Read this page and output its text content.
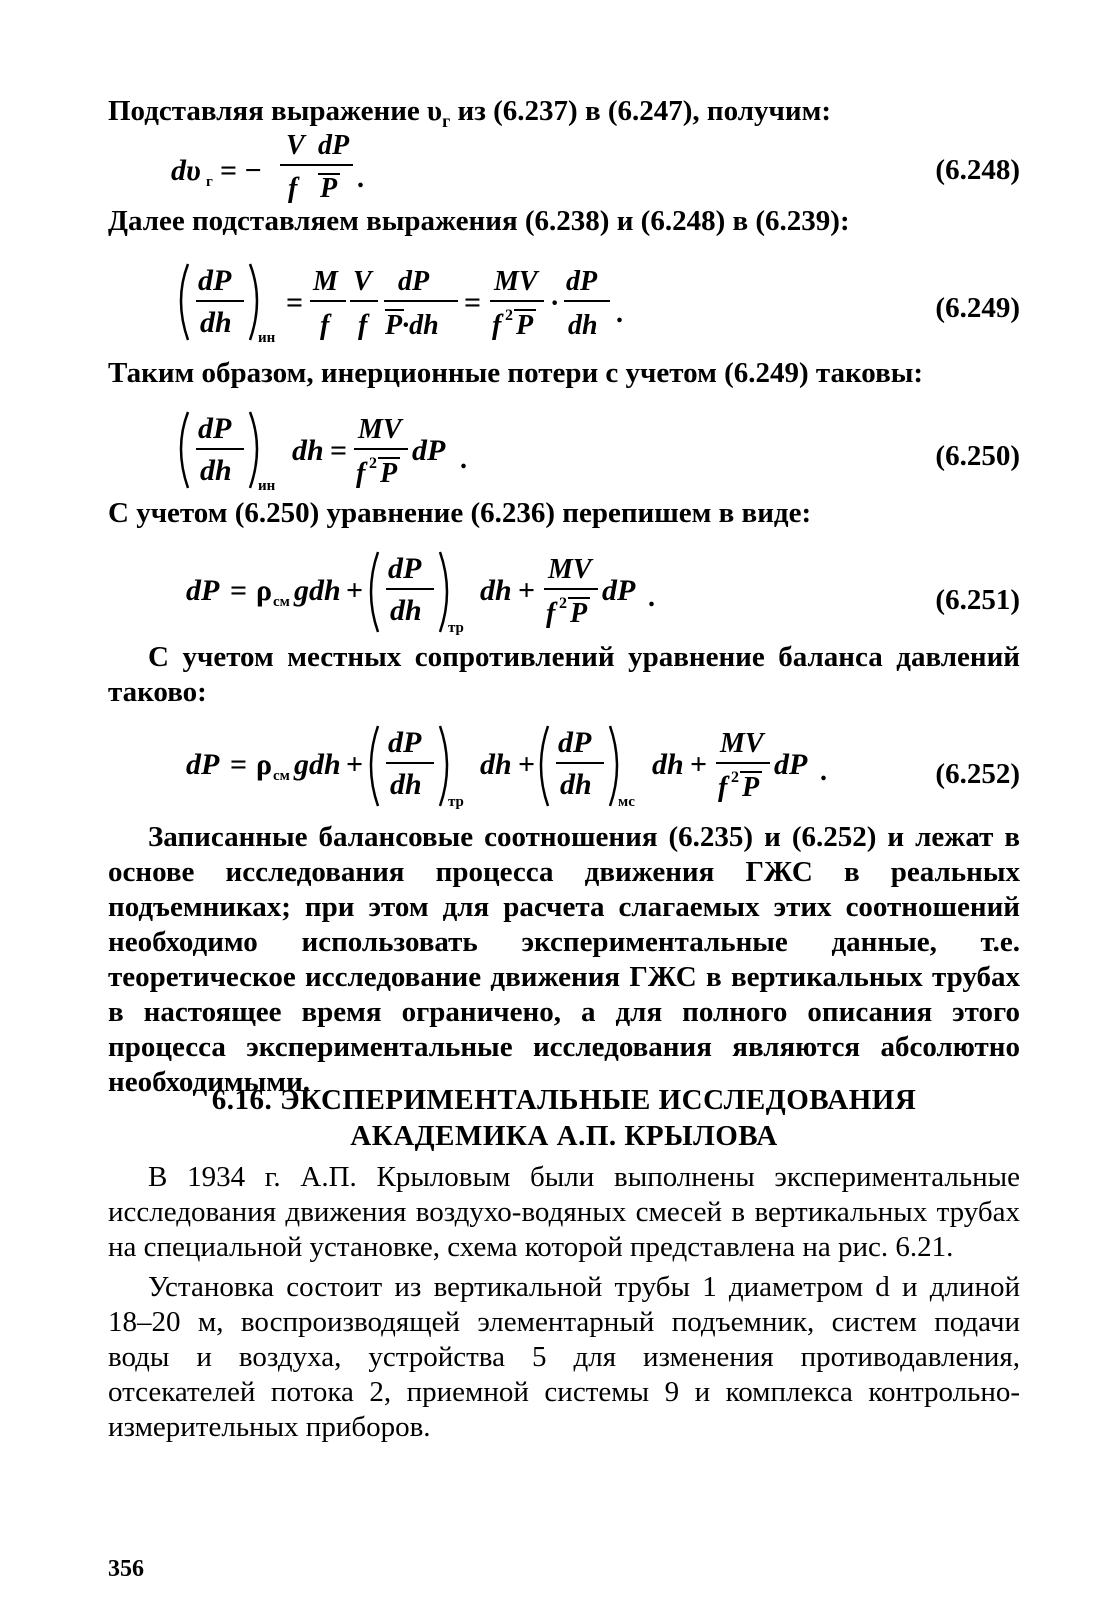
Подставляя выражение $\upsilon_г$ из (6.237) в (6.247), получим:
dυ г = −
V dP
f P .	(6.248)
Далее подставляем выражения (6.238) и (6.248) в (6.239):
dP
dh ин
=
M
f
V
f
dP
P·dh
=
MV
f 2 P
·
dP
dh .	(6.249)
Таким образом, инерционные потери с учетом (6.249) таковы:
dP
dh ин
dh =
MV
f 2 P
dP .	(6.250)
С учетом (6.250) уравнение (6.236) перепишем в виде:
dP = ρ см gdh +
dP
dh
тр
dh +
MV
f 2 P
dP .	(6.251)
С учетом местных сопротивлений уравнение баланса давлений таково:
dP = ρ см gdh +
dP
dh
тр
dh +
dP
dh
мс
dh +
MV
f 2 P
dP .	(6.252)
Записанные балансовые соотношения (6.235) и (6.252) и лежат в основе исследования процесса движения ГЖС в реальных подъемниках; при этом для расчета слагаемых этих соотношений необходимо использовать экспериментальные данные, т.е. теоретическое исследование движения ГЖС в вертикальных трубах в настоящее время ограничено, а для полного описания этого процесса экспериментальные исследования являются абсолютно необходимыми.
6.16. ЭКСПЕРИМЕНТАЛЬНЫЕ ИССЛЕДОВАНИЯ
АКАДЕМИКА А.П. КРЫЛОВА
В 1934 г. А.П. Крыловым были выполнены экспериментальные исследования движения воздухо-водяных смесей в вертикальных трубах на специальной установке, схема которой представлена на рис. 6.21.
Установка состоит из вертикальной трубы 1 диаметром d и длиной 18–20 м, воспроизводящей элементарный подъемник, систем подачи воды и воздуха, устройства 5 для изменения противодавления, отсекателей потока 2, приемной системы 9 и комплекса контрольно-измерительных приборов.
356
